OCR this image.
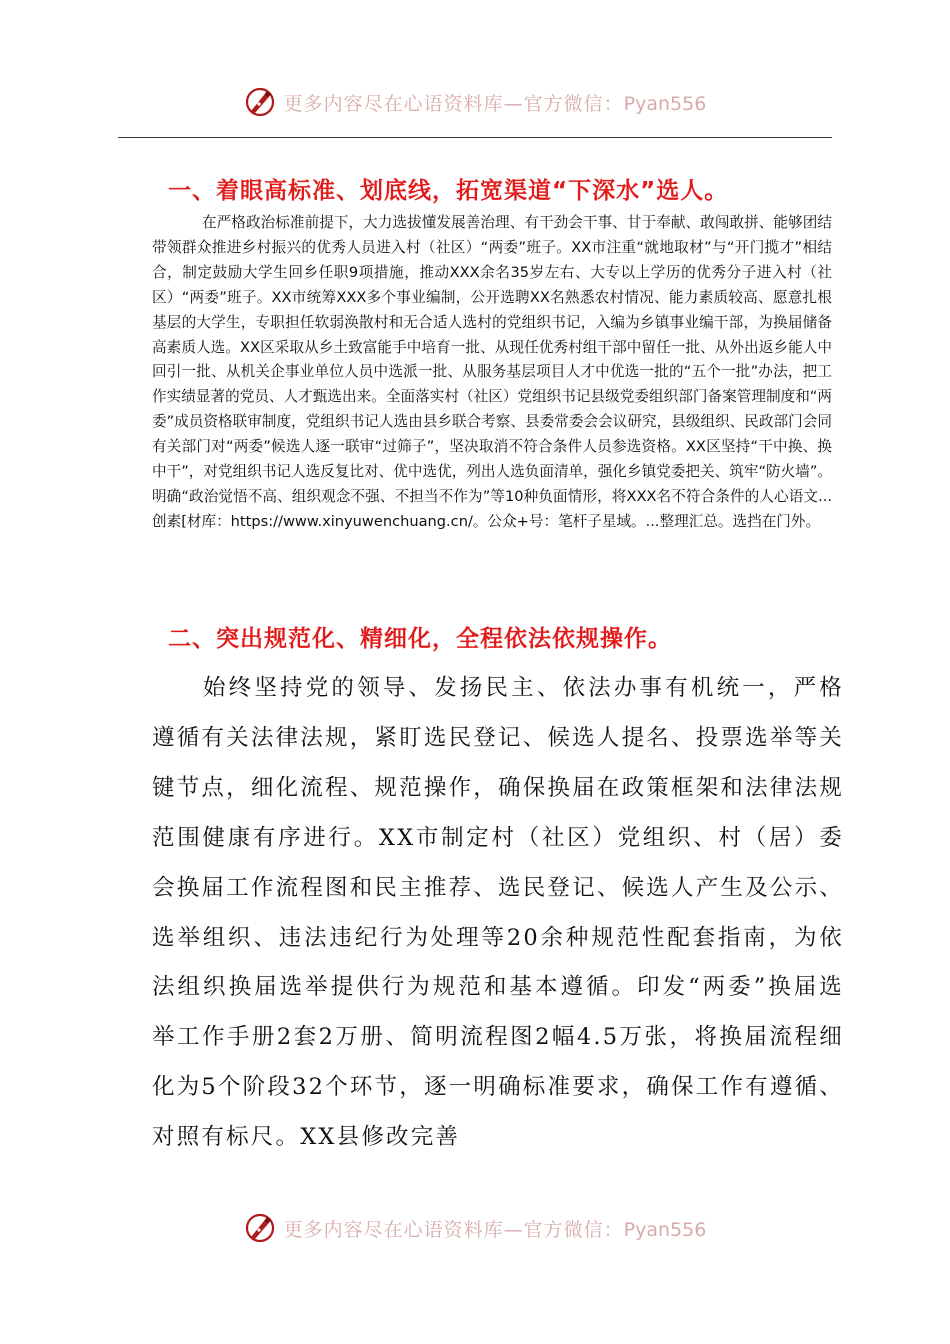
更多内容尽在心语资料库—官方微信：Pyan556
一、着眼高标准、划底线，拓宽渠道“下深水”选人。

在严格政治标准前提下，大力选拔懂发展善治理、有干劲会干事、甘于奉献、敢闯敢拼、能够团结带领群众推进乡村振兴的优秀人员进入村（社区）“两委”班子。XX市注重“就地取材”与“开门揽才”相结合，制定鼓励大学生回乡任职9项措施，推动XXX余名35岁左右、大专以上学历的优秀分子进入村（社区）“两委”班子。XX市统筹XXX多个事业编制，公开选聘XX名熟悉农村情况、能力素质较高、愿意扎根基层的大学生，专职担任软弱涣散村和无合适人选村的党组织书记，入编为乡镇事业编干部，为换届储备高素质人选。XX区采取从乡土致富能手中培育一批、从现任优秀村组干部中留任一批、从外出返乡能人中回引一批、从机关企事业单位人员中选派一批、从服务基层项目人才中优选一批的“五个一批”办法，把工作实绩显著的党员、人才甄选出来。全面落实村（社区）党组织书记县级党委组织部门备案管理制度和“两委”成员资格联审制度，党组织书记人选由县乡联合考察、县委常委会会议研究，县级组织、民政部门会同有关部门对“两委”候选人逐一联审“过筛子”，坚决取消不符合条件人员参选资格。XX区坚持“干中换、换中干”，对党组织书记人选反复比对、优中选优，列出人选负面清单，强化乡镇党委把关、筑牢“防火墙”。明确“政治觉悟不高、组织观念不强、不担当不作为”等10种负面情形，将XXX名不符合条件的人心语文...创素[材库：https://www.xinyuwenchuang.cn/。公众+号：笔杆子星域。...整理汇总。选挡在门外。

二、突出规范化、精细化，全程依法依规操作。

始终坚持党的领导、发扬民主、依法办事有机统一，严格遵循有关法律法规，紧盯选民登记、候选人提名、投票选举等关键节点，细化流程、规范操作，确保换届在政策框架和法律法规范围健康有序进行。XX市制定村（社区）党组织、村（居）委会换届工作流程图和民主推荐、选民登记、候选人产生及公示、选举组织、违法违纪行为处理等20余种规范性配套指南，为依法组织换届选举提供行为规范和基本遵循。印发“两委”换届选举工作手册2套2万册、简明流程图2幅4.5万张，将换届流程细化为5个阶段32个环节，逐一明确标准要求，确保工作有遵循、对照有标尺。XX县修改完善

更多内容尽在心语资料库—官方微信：Pyan556
